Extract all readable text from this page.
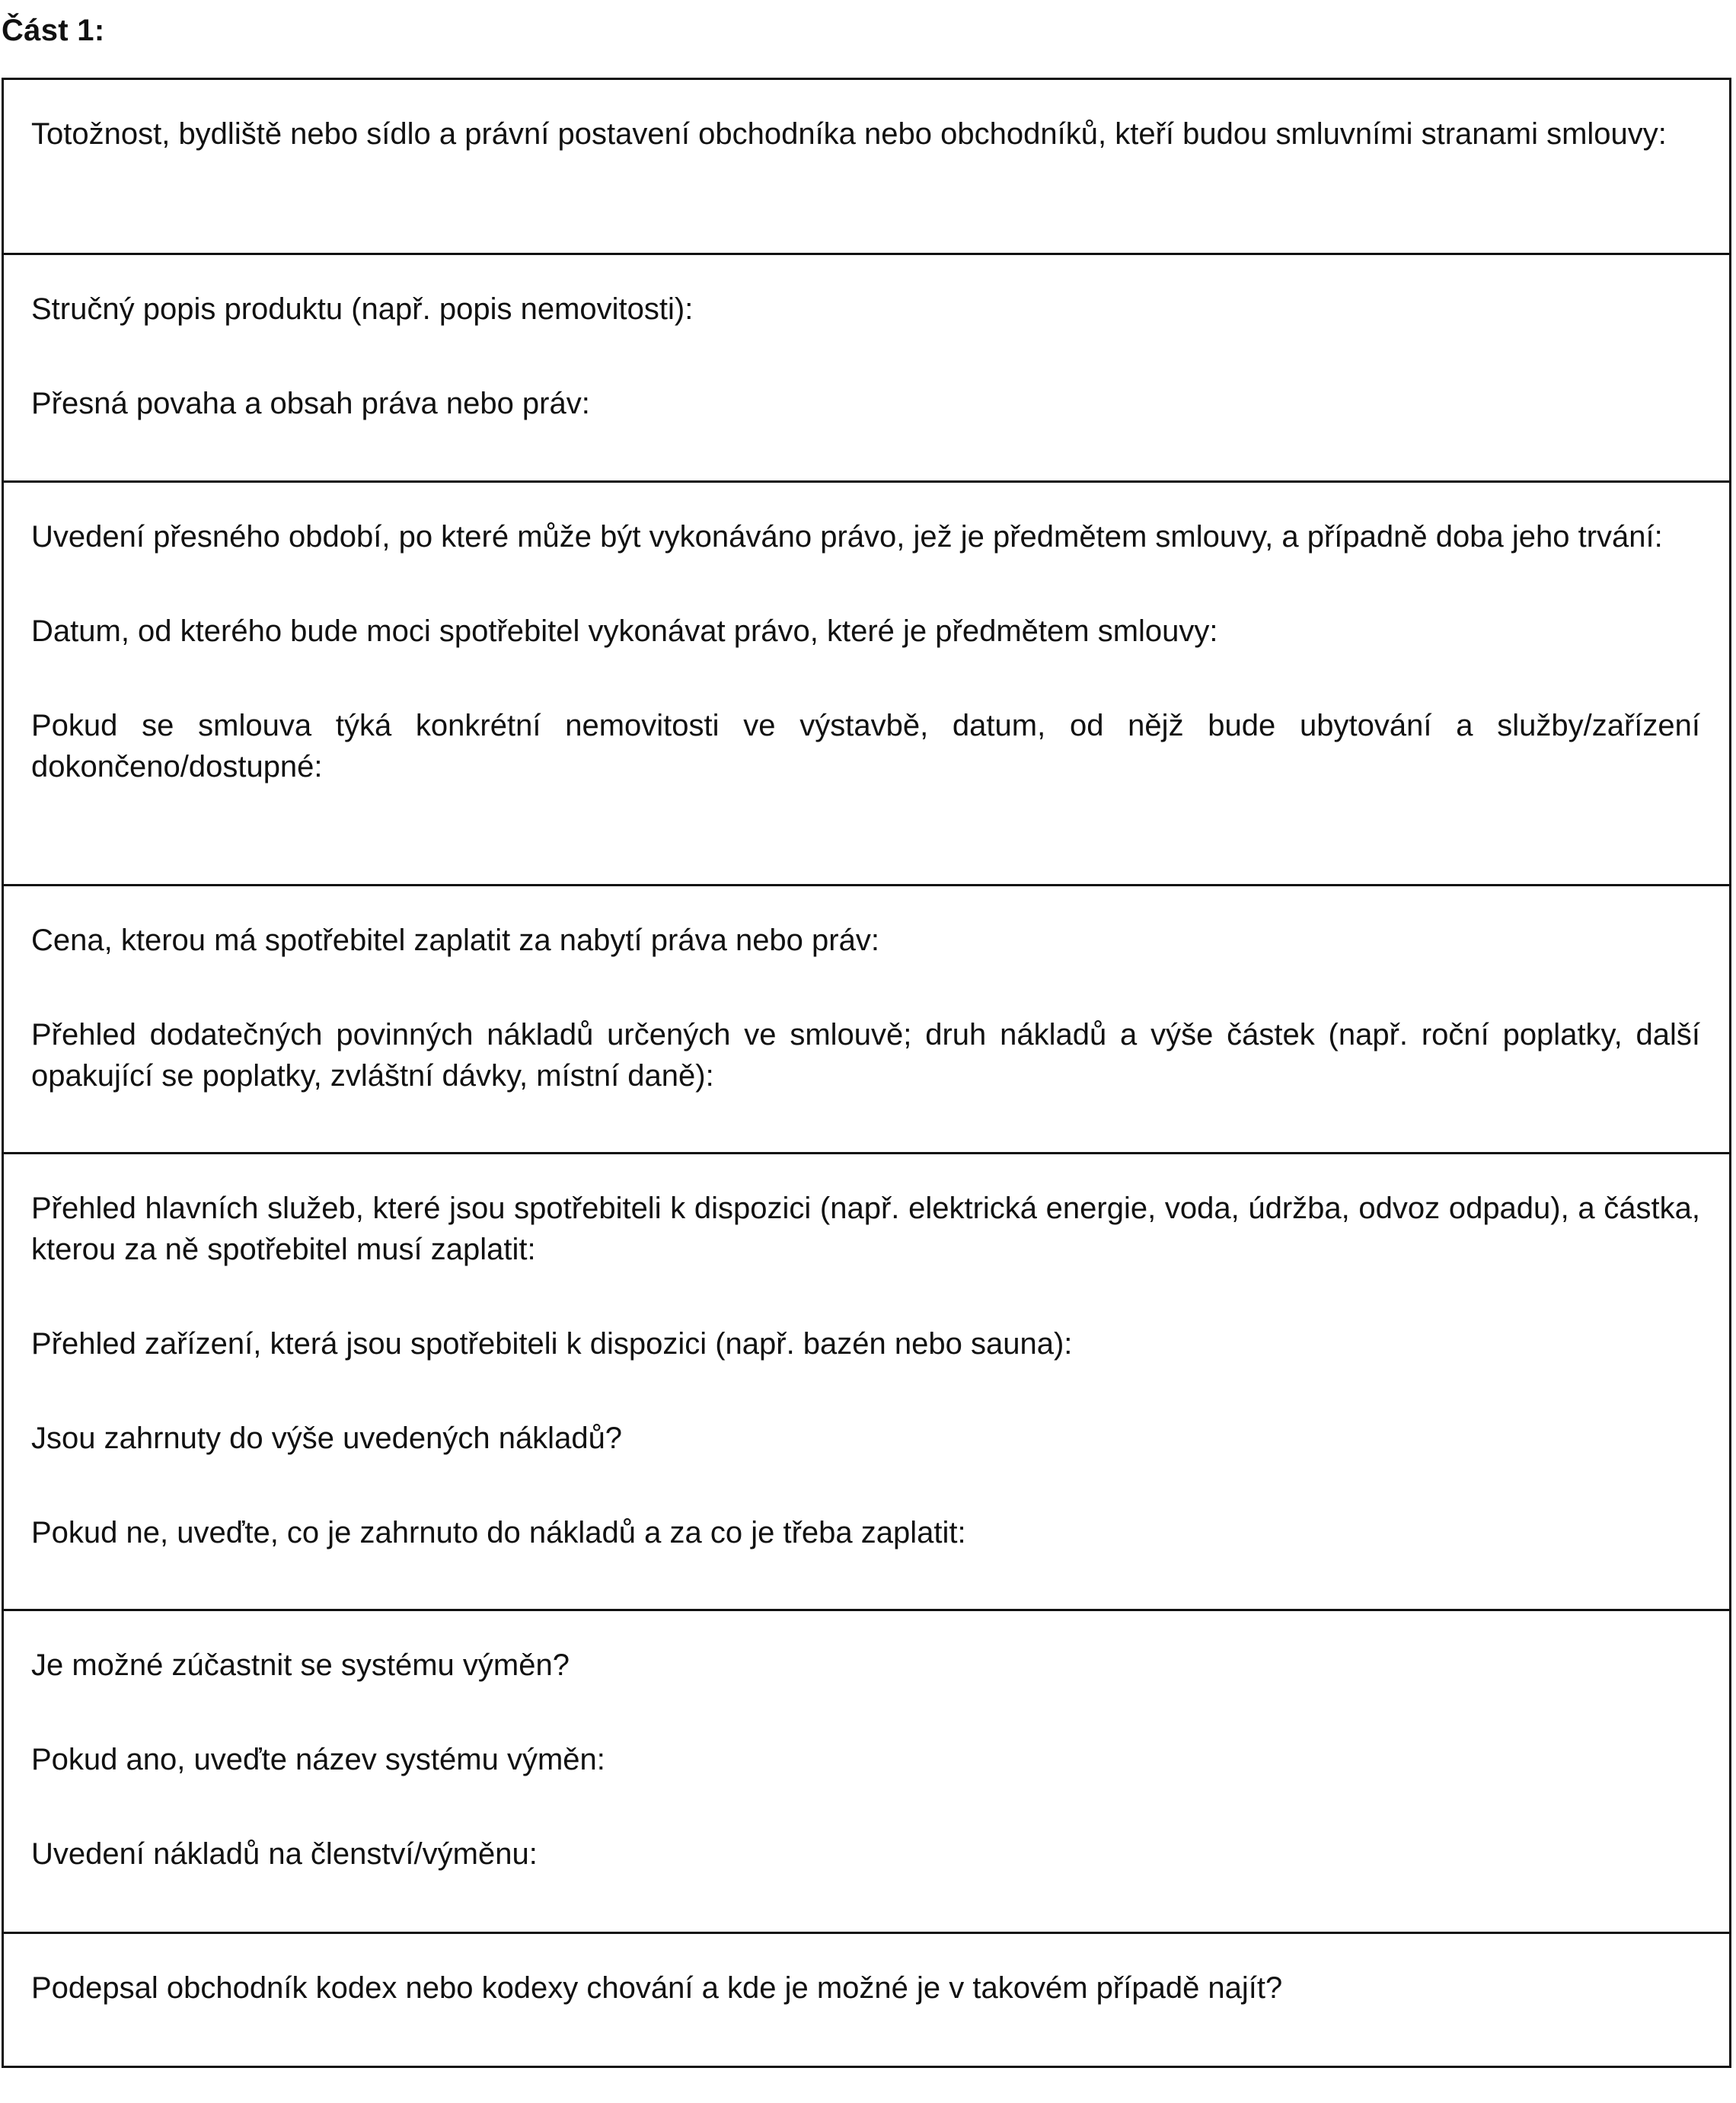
Část 1:

Totožnost, bydliště nebo sídlo a právní postavení obchodníka nebo obchodníků, kteří budou smluvními stranami smlouvy:

Stručný popis produktu (např. popis nemovitosti):

Přesná povaha a obsah práva nebo práv:

Uvedení přesného období, po které může být vykonáváno právo, jež je předmětem smlouvy, a případně doba jeho trvání:

Datum, od kterého bude moci spotřebitel vykonávat právo, které je předmětem smlouvy:

Pokud se smlouva týká konkrétní nemovitosti ve výstavbě, datum, od nějž bude ubytování a služby/zařízení dokončeno/dostupné:

Cena, kterou má spotřebitel zaplatit za nabytí práva nebo práv:

Přehled dodatečných povinných nákladů určených ve smlouvě; druh nákladů a výše částek (např. roční poplatky, další opakující se poplatky, zvláštní dávky, místní daně):

Přehled hlavních služeb, které jsou spotřebiteli k dispozici (např. elektrická energie, voda, údržba, odvoz odpadu), a částka, kterou za ně spotřebitel musí zaplatit:

Přehled zařízení, která jsou spotřebiteli k dispozici (např. bazén nebo sauna):

Jsou zahrnuty do výše uvedených nákladů?

Pokud ne, uveďte, co je zahrnuto do nákladů a za co je třeba zaplatit:

Je možné zúčastnit se systému výměn?

Pokud ano, uveďte název systému výměn:

Uvedení nákladů na členství/výměnu:

Podepsal obchodník kodex nebo kodexy chování a kde je možné je v takovém případě najít?
